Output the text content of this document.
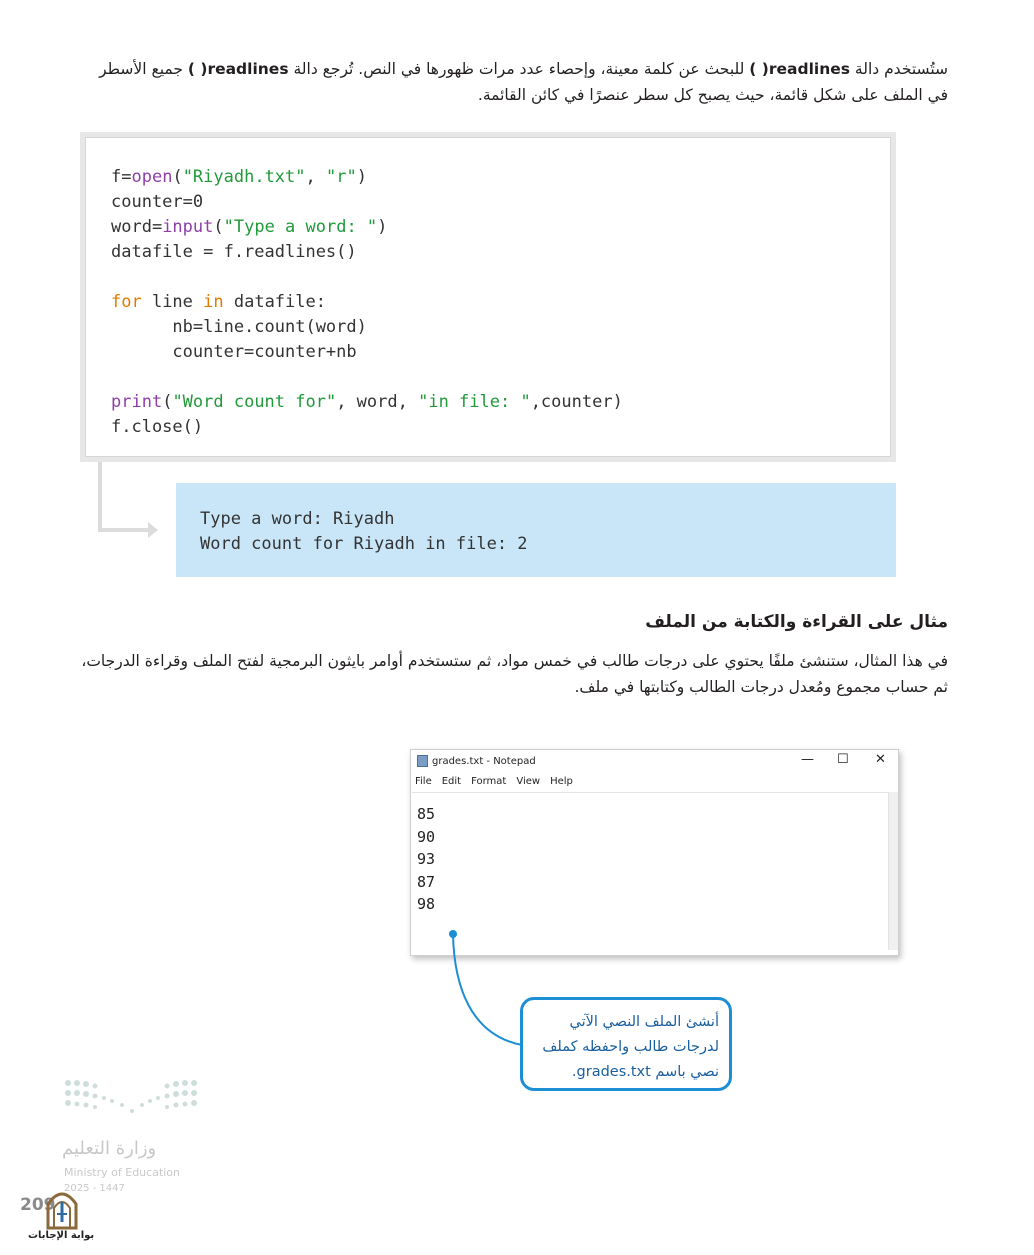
ستُستخدم دالة readlines( ) للبحث عن كلمة معينة، وإحصاء عدد مرات ظهورها في النص. تُرجع دالة readlines( ) جميع الأسطر في الملف على شكل قائمة، حيث يصبح كل سطر عنصرًا في كائن القائمة.
f=open("Riyadh.txt", "r")
counter=0
word=input("Type a word: ")
datafile = f.readlines()

for line in datafile:
nb=line.count(word)
counter=counter+nb

print("Word count for", word, "in file: ",counter)
f.close()
Type a word: Riyadh
Word count for Riyadh in file: 2
مثال على القراءة والكتابة من الملف
في هذا المثال، ستنشئ ملفًا يحتوي على درجات طالب في خمس مواد، ثم ستستخدم أوامر بايثون البرمجية لفتح الملف وقراءة الدرجات، ثم حساب مجموع ومُعدل درجات الطالب وكتابتها في ملف.
grades.txt - Notepad	— ☐ ✕
File Edit Format View Help
85
90
93
87
98
أنشئ الملف النصي الآتي
لدرجات طالب واحفظه كملف
نصي باسم grades.txt.
وزارة التعليم
Ministry of Education
2025 - 1447
209
بوابة الإجابات
